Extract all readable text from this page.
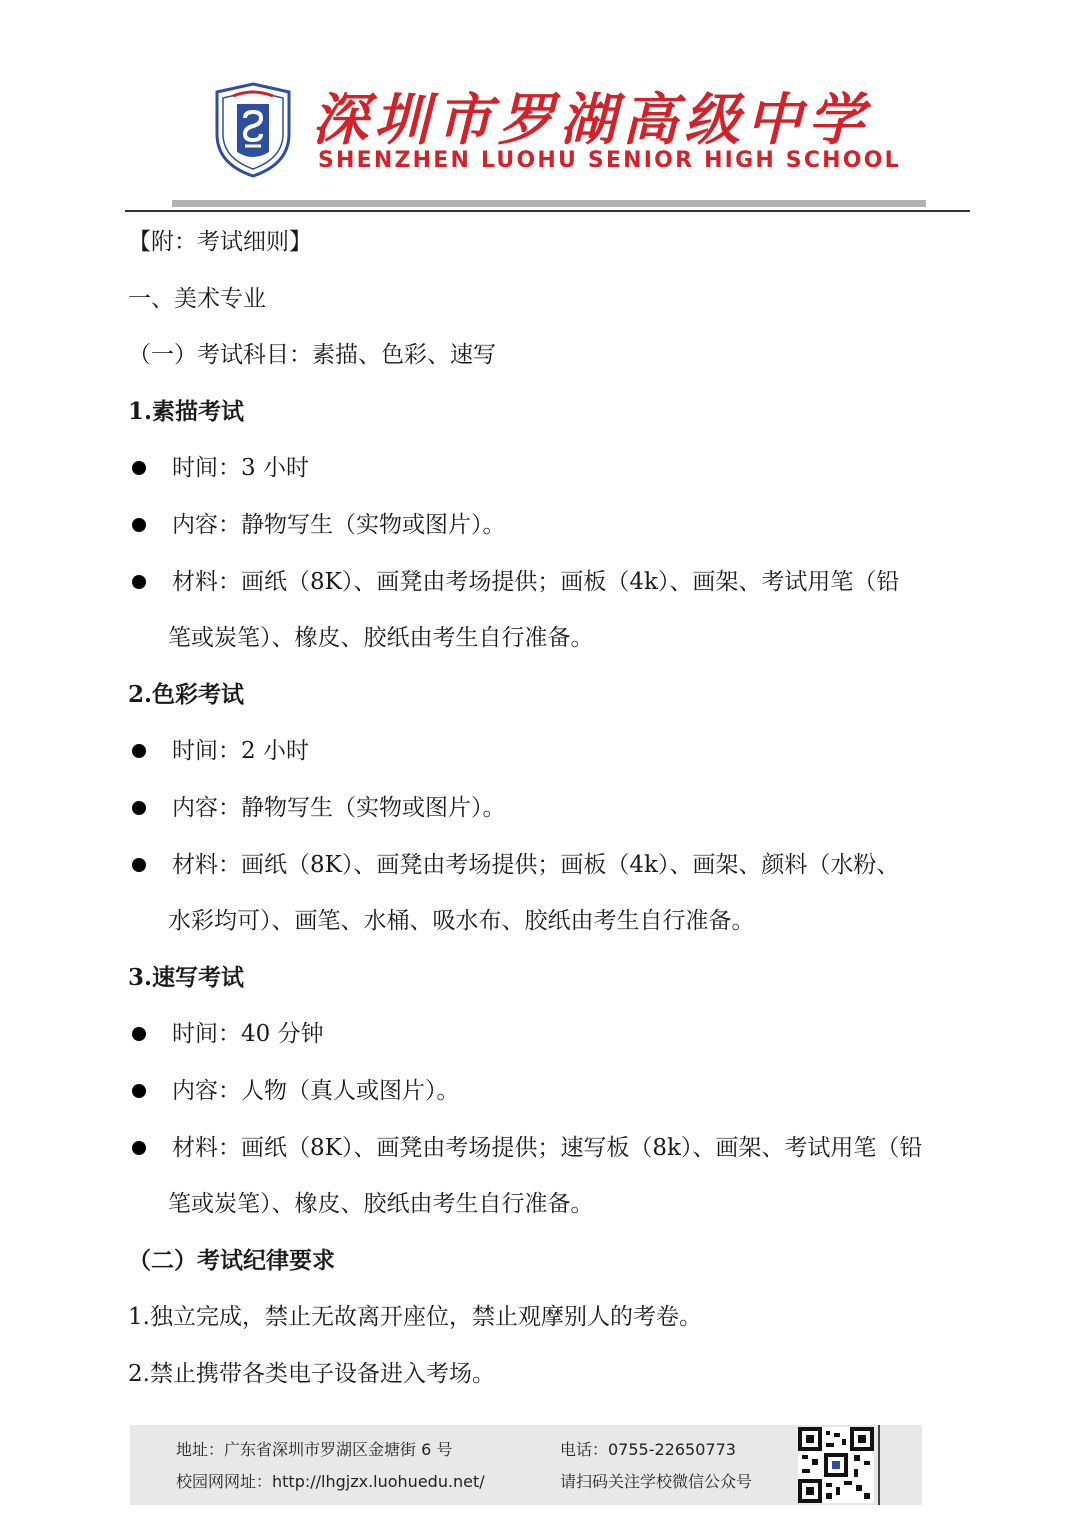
深圳市罗湖高级中学
SHENZHEN LUOHU SENIOR HIGH SCHOOL
【附：考试细则】
一、美术专业
（一）考试科目：素描、色彩、速写
1.素描考试
时间：3 小时
内容：静物写生（实物或图片）。
材料：画纸（8K）、画凳由考场提供；画板（4k）、画架、考试用笔（铅
笔或炭笔）、橡皮、胶纸由考生自行准备。
2.色彩考试
时间：2 小时
内容：静物写生（实物或图片）。
材料：画纸（8K）、画凳由考场提供；画板（4k）、画架、颜料（水粉、
水彩均可）、画笔、水桶、吸水布、胶纸由考生自行准备。
3.速写考试
时间：40 分钟
内容：人物（真人或图片）。
材料：画纸（8K）、画凳由考场提供；速写板（8k）、画架、考试用笔（铅
笔或炭笔）、橡皮、胶纸由考生自行准备。
（二）考试纪律要求
1.独立完成，禁止无故离开座位，禁止观摩别人的考卷。
2.禁止携带各类电子设备进入考场。
地址：广东省深圳市罗湖区金塘街 6 号
校园网网址：http://lhgjzx.luohuedu.net/
电话：0755-22650773
请扫码关注学校微信公众号
